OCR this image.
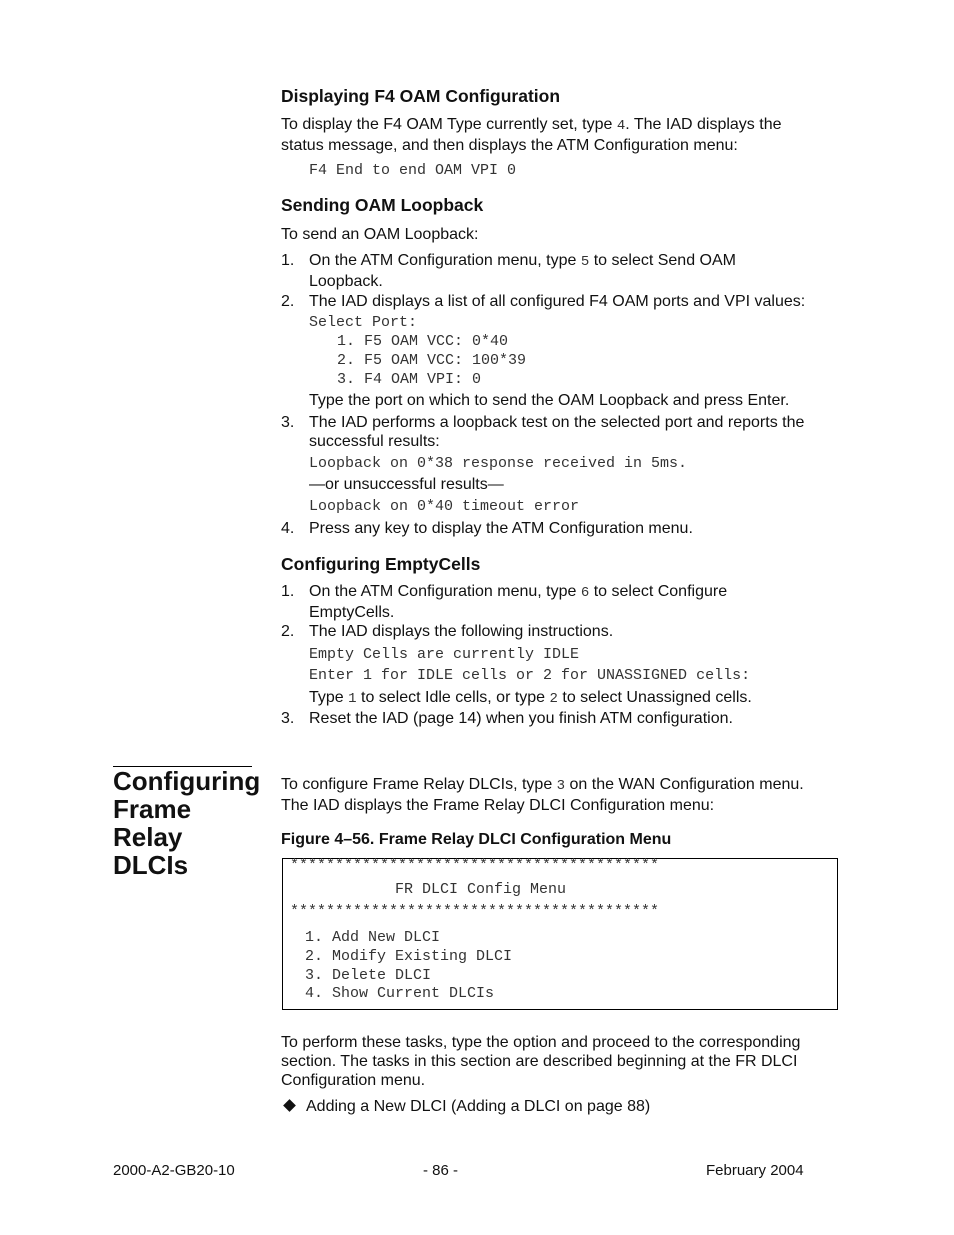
Displaying F4 OAM Configuration
To display the F4 OAM Type currently set, type 4. The IAD displays the
status message, and then displays the ATM Configuration menu:
F4 End to end OAM VPI 0
Sending OAM Loopback
To send an OAM Loopback:
1. On the ATM Configuration menu, type 5 to select Send OAM
Loopback.
2. The IAD displays a list of all configured F4 OAM ports and VPI values:
Select Port:
1. F5 OAM VCC: 0*40
2. F5 OAM VCC: 100*39
3. F4 OAM VPI: 0
Type the port on which to send the OAM Loopback and press Enter.
3. The IAD performs a loopback test on the selected port and reports the
successful results:
Loopback on 0*38 response received in 5ms.
—or unsuccessful results—
Loopback on 0*40 timeout error
4. Press any key to display the ATM Configuration menu.
Configuring EmptyCells
1. On the ATM Configuration menu, type 6 to select Configure
EmptyCells.
2. The IAD displays the following instructions.
Empty Cells are currently IDLE
Enter 1 for IDLE cells or 2 for UNASSIGNED cells:
Type 1 to select Idle cells, or type 2 to select Unassigned cells.
3. Reset the IAD (page 14) when you finish ATM configuration.
Configuring
Frame
Relay
DLCIs
To configure Frame Relay DLCIs, type 3 on the WAN Configuration menu.
The IAD displays the Frame Relay DLCI Configuration menu:
Figure 4–56. Frame Relay DLCI Configuration Menu
*****************************************
FR DLCI Config Menu
*****************************************
1. Add New DLCI
2. Modify Existing DLCI
3. Delete DLCI
4. Show Current DLCIs
To perform these tasks, type the option and proceed to the corresponding
section. The tasks in this section are described beginning at the FR DLCI
Configuration menu.
Adding a New DLCI (Adding a DLCI on page 88)
2000-A2-GB20-10	- 86 -	February 2004
